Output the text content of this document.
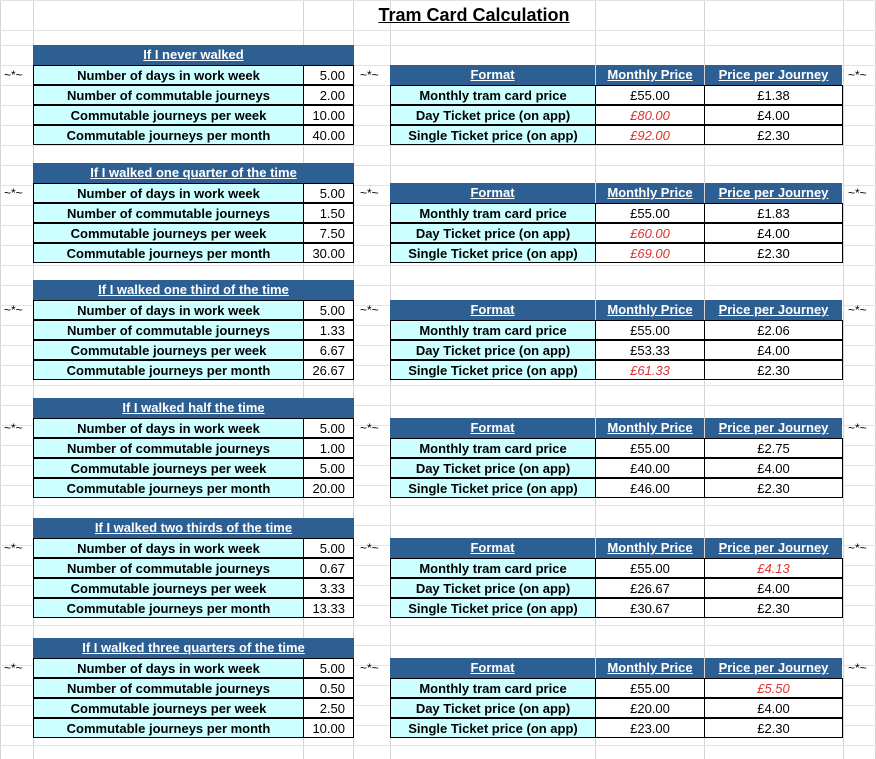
Tram Card Calculation
If I never walked
Number of days in work week	5.00
Number of commutable journeys	2.00
Commutable journeys per week	10.00
Commutable journeys per month	40.00
~*~	~*~	~*~
Format	Monthly Price	Price per Journey
Monthly tram card price	£55.00	£1.38
Day Ticket price (on app)	£80.00	£4.00
Single Ticket price (on app)	£92.00	£2.30
If I walked one quarter of the time
Number of days in work week	5.00
Number of commutable journeys	1.50
Commutable journeys per week	7.50
Commutable journeys per month	30.00
~*~	~*~	~*~
Format	Monthly Price	Price per Journey
Monthly tram card price	£55.00	£1.83
Day Ticket price (on app)	£60.00	£4.00
Single Ticket price (on app)	£69.00	£2.30
If I walked one third of the time
Number of days in work week	5.00
Number of commutable journeys	1.33
Commutable journeys per week	6.67
Commutable journeys per month	26.67
~*~	~*~	~*~
Format	Monthly Price	Price per Journey
Monthly tram card price	£55.00	£2.06
Day Ticket price (on app)	£53.33	£4.00
Single Ticket price (on app)	£61.33	£2.30
If I walked half the time
Number of days in work week	5.00
Number of commutable journeys	1.00
Commutable journeys per week	5.00
Commutable journeys per month	20.00
~*~	~*~	~*~
Format	Monthly Price	Price per Journey
Monthly tram card price	£55.00	£2.75
Day Ticket price (on app)	£40.00	£4.00
Single Ticket price (on app)	£46.00	£2.30
If I walked two thirds of the time
Number of days in work week	5.00
Number of commutable journeys	0.67
Commutable journeys per week	3.33
Commutable journeys per month	13.33
~*~	~*~	~*~
Format	Monthly Price	Price per Journey
Monthly tram card price	£55.00	£4.13
Day Ticket price (on app)	£26.67	£4.00
Single Ticket price (on app)	£30.67	£2.30
If I walked three quarters of the time
Number of days in work week	5.00
Number of commutable journeys	0.50
Commutable journeys per week	2.50
Commutable journeys per month	10.00
~*~	~*~	~*~
Format	Monthly Price	Price per Journey
Monthly tram card price	£55.00	£5.50
Day Ticket price (on app)	£20.00	£4.00
Single Ticket price (on app)	£23.00	£2.30
